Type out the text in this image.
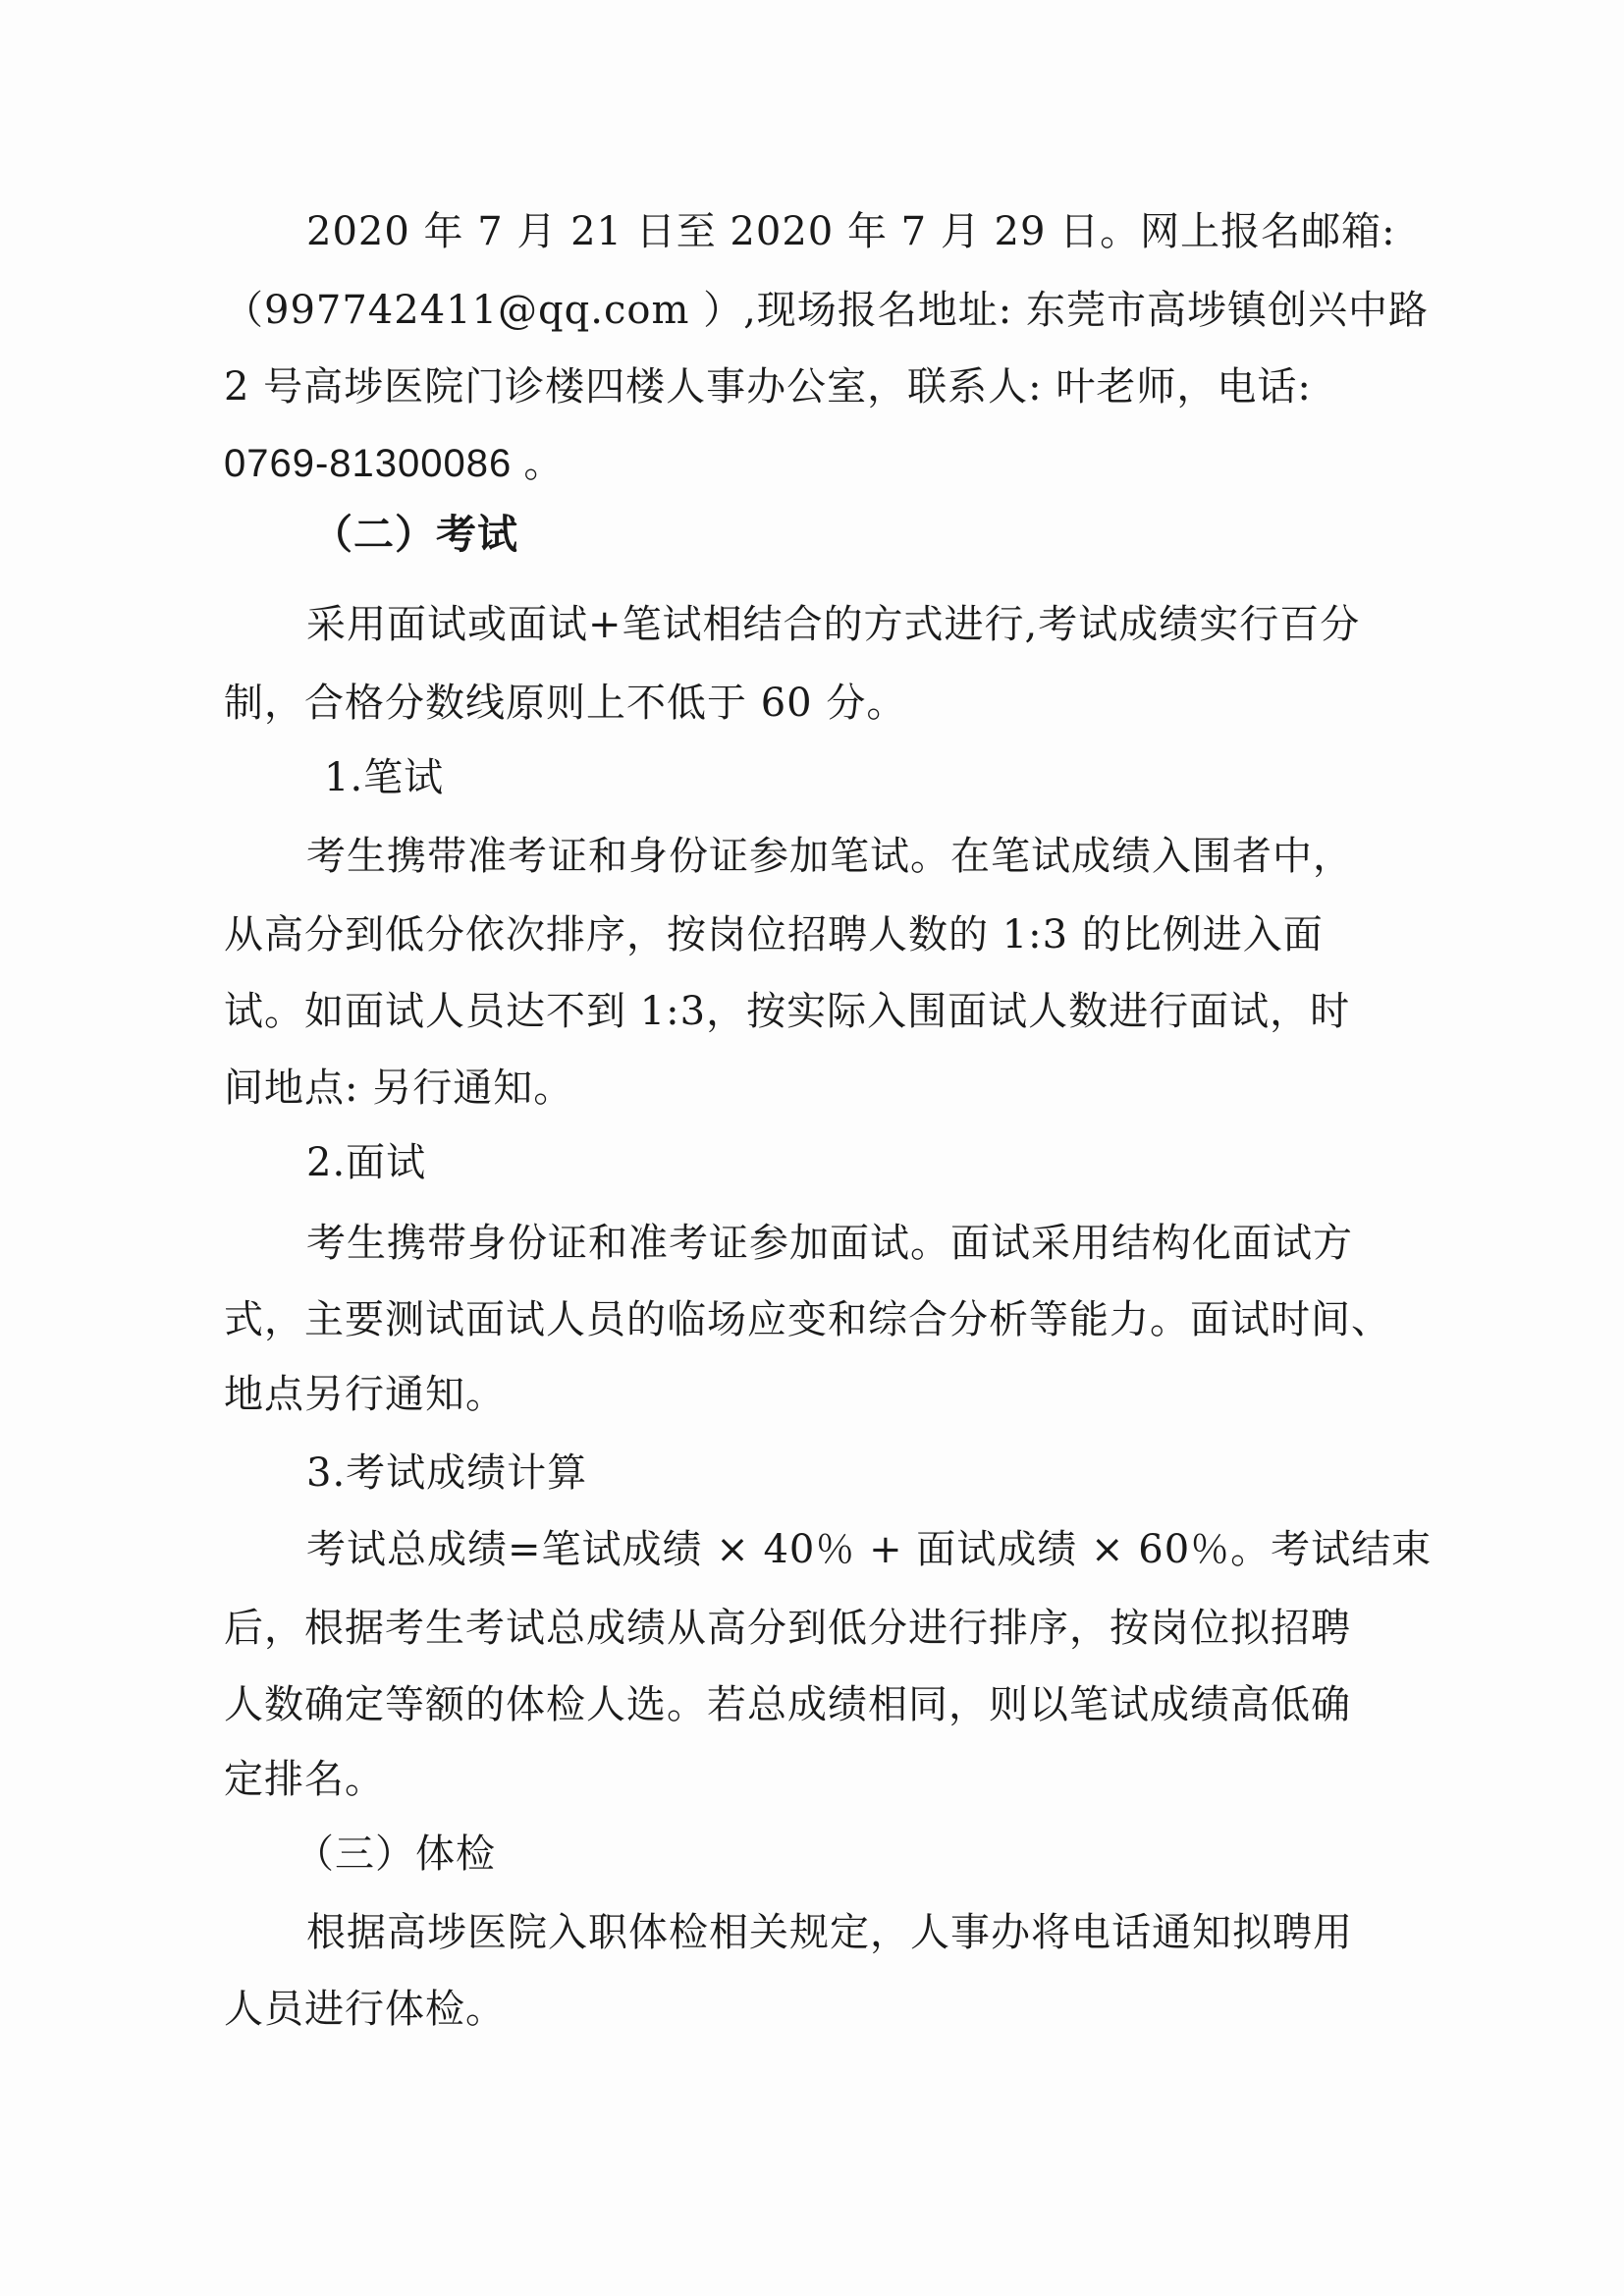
2020 年 7 月 21 日至 2020 年 7 月 29 日。网上报名邮箱:
（997742411@qq.com ）,现场报名地址: 东莞市高埗镇创兴中路
2 号高埗医院门诊楼四楼人事办公室，联系人: 叶老师，电话:
0769-81300086 。
（二）考试
采用面试或面试+笔试相结合的方式进行,考试成绩实行百分
制，合格分数线原则上不低于 60 分。
1.笔试
考生携带准考证和身份证参加笔试。在笔试成绩入围者中，
从高分到低分依次排序，按岗位招聘人数的 1:3 的比例进入面
试。如面试人员达不到 1:3，按实际入围面试人数进行面试，时
间地点: 另行通知。
2.面试
考生携带身份证和准考证参加面试。面试采用结构化面试方
式，主要测试面试人员的临场应变和综合分析等能力。面试时间、
地点另行通知。
3.考试成绩计算
考试总成绩=笔试成绩 × 40％ + 面试成绩 × 60％。考试结束
后，根据考生考试总成绩从高分到低分进行排序，按岗位拟招聘
人数确定等额的体检人选。若总成绩相同，则以笔试成绩高低确
定排名。
（三）体检
根据高埗医院入职体检相关规定，人事办将电话通知拟聘用
人员进行体检。
